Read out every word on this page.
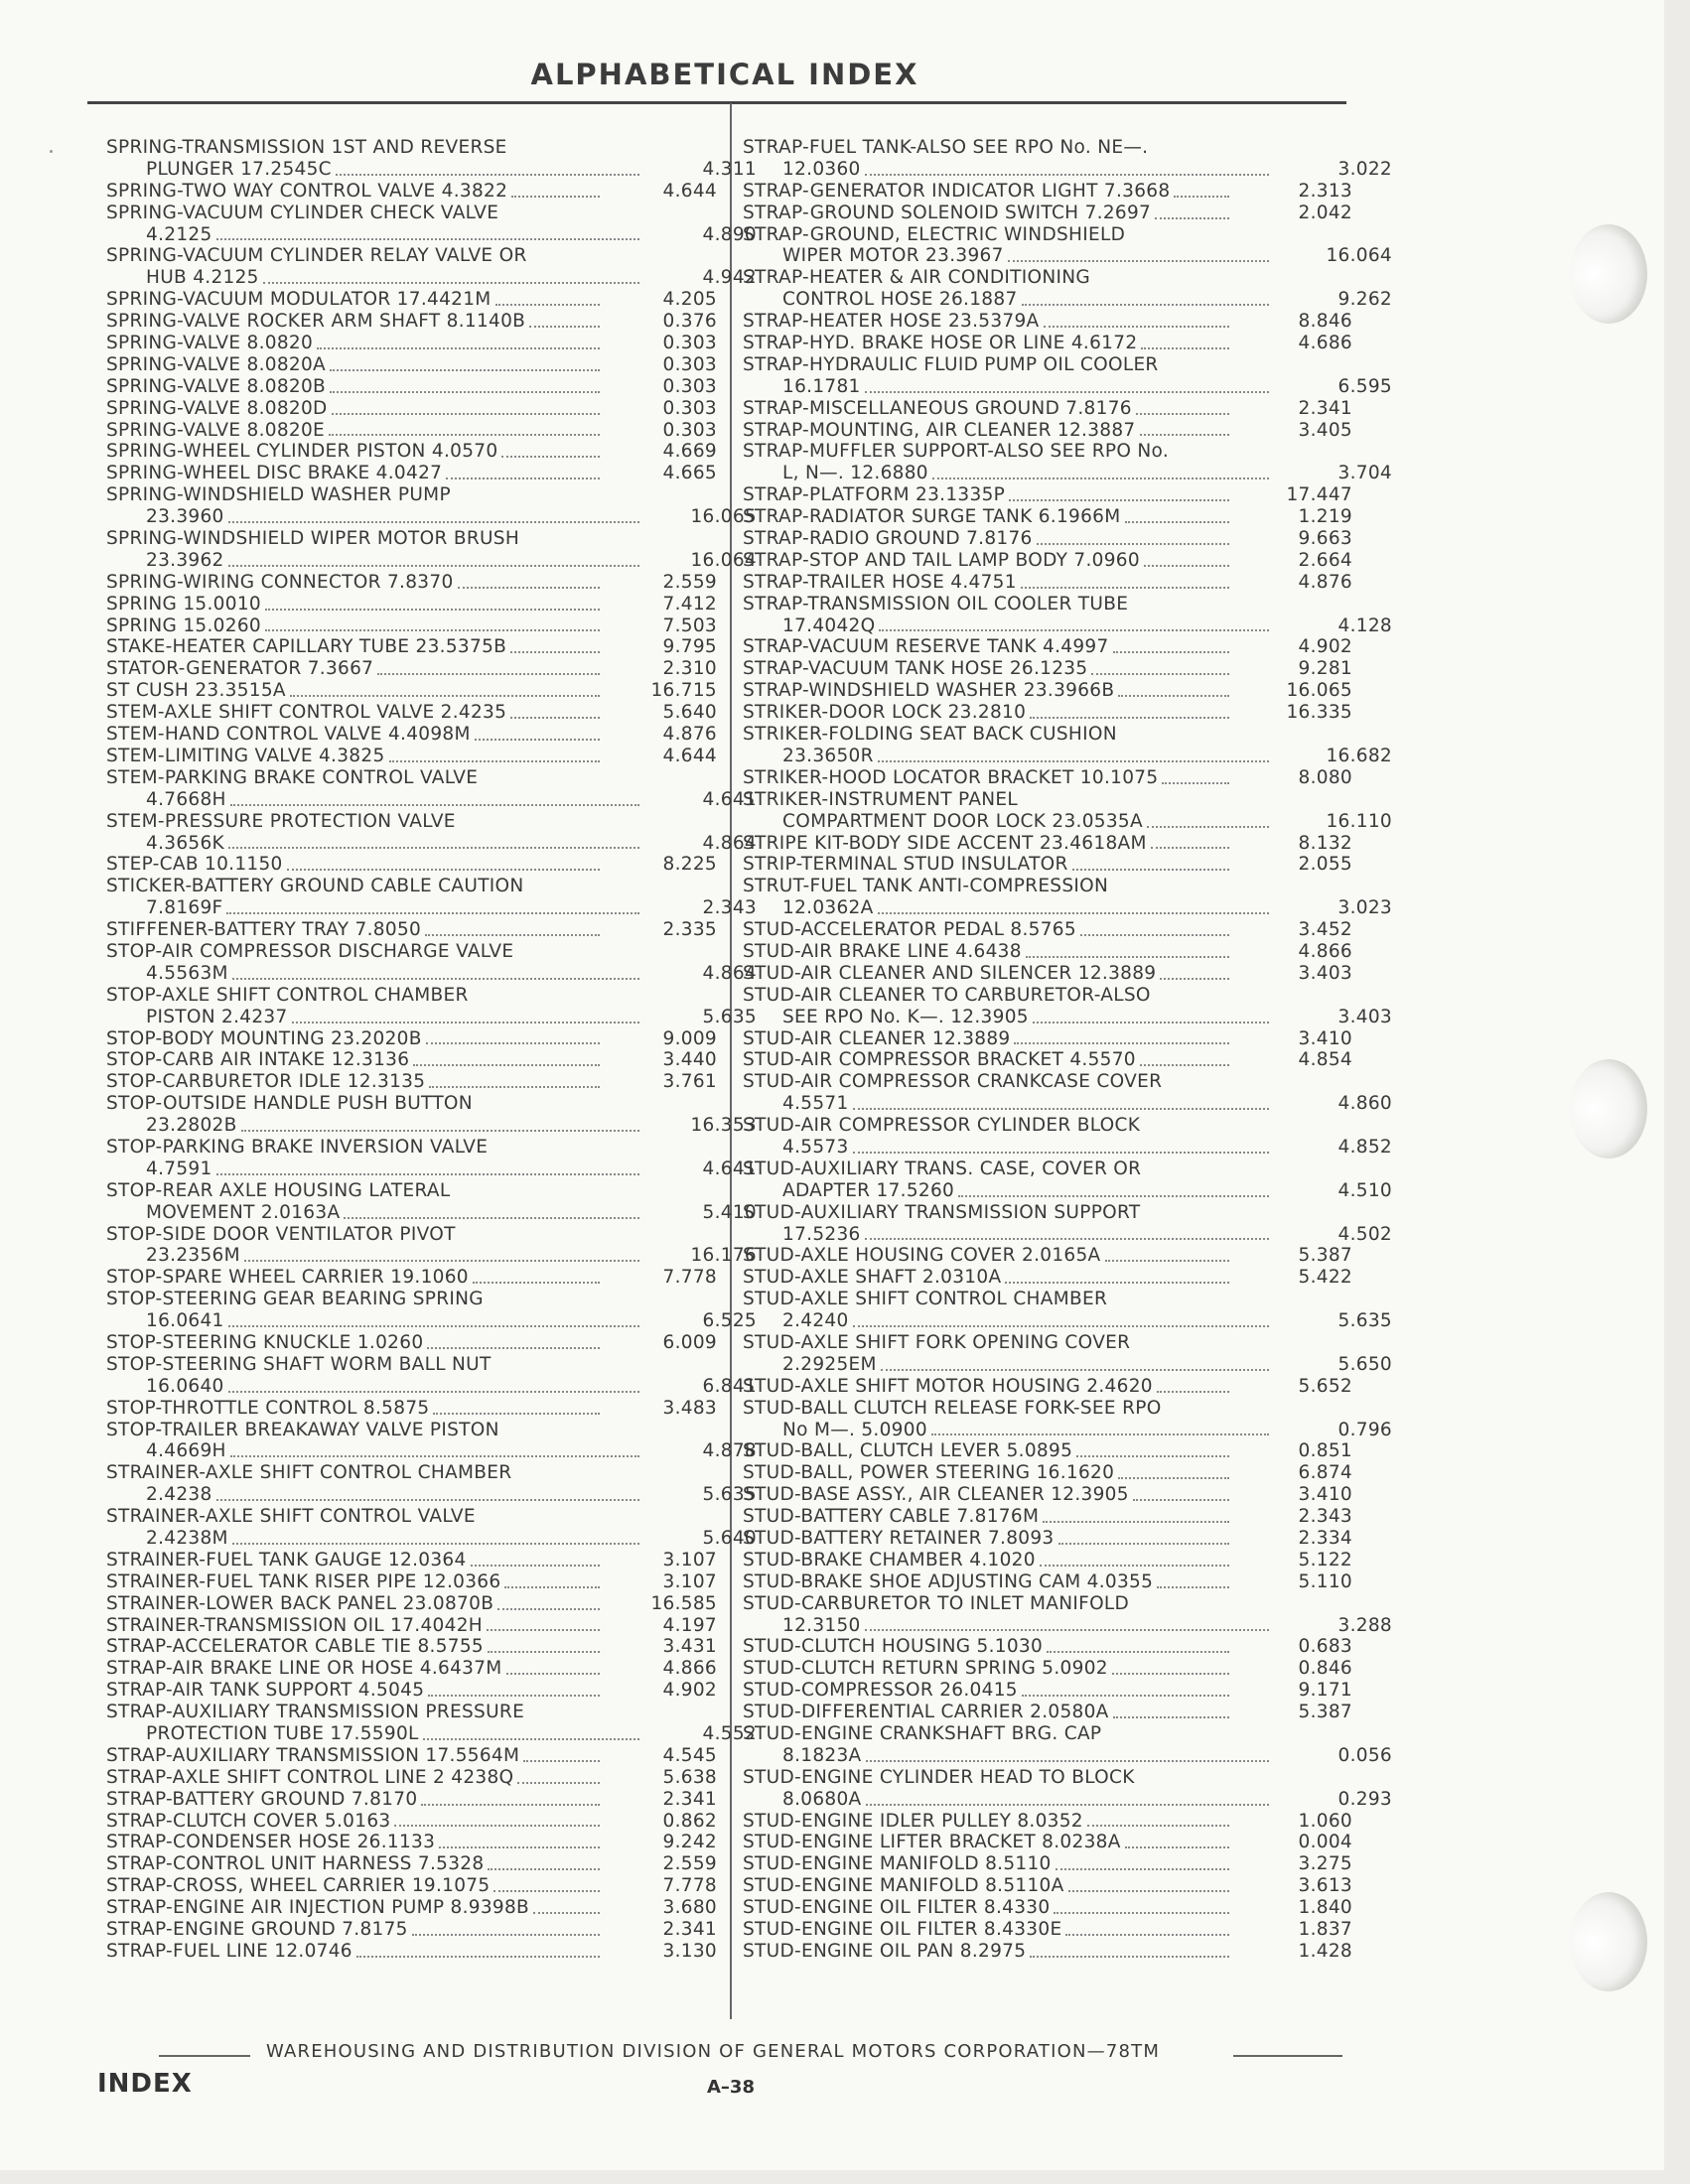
ALPHABETICAL INDEX
SPRING-TRANSMISSION 1ST AND REVERSE
PLUNGER 17.2545C	4.311
SPRING-TWO WAY CONTROL VALVE 4.3822	4.644
SPRING-VACUUM CYLINDER CHECK VALVE
4.2125	4.890
SPRING-VACUUM CYLINDER RELAY VALVE OR
HUB 4.2125	4.942
SPRING-VACUUM MODULATOR 17.4421M	4.205
SPRING-VALVE ROCKER ARM SHAFT 8.1140B	0.376
SPRING-VALVE 8.0820	0.303
SPRING-VALVE 8.0820A	0.303
SPRING-VALVE 8.0820B	0.303
SPRING-VALVE 8.0820D	0.303
SPRING-VALVE 8.0820E	0.303
SPRING-WHEEL CYLINDER PISTON 4.0570	4.669
SPRING-WHEEL DISC BRAKE 4.0427	4.665
SPRING-WINDSHIELD WASHER PUMP
23.3960	16.065
SPRING-WINDSHIELD WIPER MOTOR BRUSH
23.3962	16.064
SPRING-WIRING CONNECTOR 7.8370	2.559
SPRING 15.0010	7.412
SPRING 15.0260	7.503
STAKE-HEATER CAPILLARY TUBE 23.5375B	9.795
STATOR-GENERATOR 7.3667	2.310
ST CUSH 23.3515A	16.715
STEM-AXLE SHIFT CONTROL VALVE 2.4235	5.640
STEM-HAND CONTROL VALVE 4.4098M	4.876
STEM-LIMITING VALVE 4.3825	4.644
STEM-PARKING BRAKE CONTROL VALVE
4.7668H	4.641
STEM-PRESSURE PROTECTION VALVE
4.3656K	4.864
STEP-CAB 10.1150	8.225
STICKER-BATTERY GROUND CABLE CAUTION
7.8169F	2.343
STIFFENER-BATTERY TRAY 7.8050	2.335
STOP-AIR COMPRESSOR DISCHARGE VALVE
4.5563M	4.864
STOP-AXLE SHIFT CONTROL CHAMBER
PISTON 2.4237	5.635
STOP-BODY MOUNTING 23.2020B	9.009
STOP-CARB AIR INTAKE 12.3136	3.440
STOP-CARBURETOR IDLE 12.3135	3.761
STOP-OUTSIDE HANDLE PUSH BUTTON
23.2802B	16.353
STOP-PARKING BRAKE INVERSION VALVE
4.7591	4.641
STOP-REAR AXLE HOUSING LATERAL
MOVEMENT 2.0163A	5.410
STOP-SIDE DOOR VENTILATOR PIVOT
23.2356M	16.176
STOP-SPARE WHEEL CARRIER 19.1060	7.778
STOP-STEERING GEAR BEARING SPRING
16.0641	6.525
STOP-STEERING KNUCKLE 1.0260	6.009
STOP-STEERING SHAFT WORM BALL NUT
16.0640	6.841
STOP-THROTTLE CONTROL 8.5875	3.483
STOP-TRAILER BREAKAWAY VALVE PISTON
4.4669H	4.878
STRAINER-AXLE SHIFT CONTROL CHAMBER
2.4238	5.635
STRAINER-AXLE SHIFT CONTROL VALVE
2.4238M	5.640
STRAINER-FUEL TANK GAUGE 12.0364	3.107
STRAINER-FUEL TANK RISER PIPE 12.0366	3.107
STRAINER-LOWER BACK PANEL 23.0870B	16.585
STRAINER-TRANSMISSION OIL 17.4042H	4.197
STRAP-ACCELERATOR CABLE TIE 8.5755	3.431
STRAP-AIR BRAKE LINE OR HOSE 4.6437M	4.866
STRAP-AIR TANK SUPPORT 4.5045	4.902
STRAP-AUXILIARY TRANSMISSION PRESSURE
PROTECTION TUBE 17.5590L	4.552
STRAP-AUXILIARY TRANSMISSION 17.5564M	4.545
STRAP-AXLE SHIFT CONTROL LINE 2 4238Q	5.638
STRAP-BATTERY GROUND 7.8170	2.341
STRAP-CLUTCH COVER 5.0163	0.862
STRAP-CONDENSER HOSE 26.1133	9.242
STRAP-CONTROL UNIT HARNESS 7.5328	2.559
STRAP-CROSS, WHEEL CARRIER 19.1075	7.778
STRAP-ENGINE AIR INJECTION PUMP 8.9398B	3.680
STRAP-ENGINE GROUND 7.8175	2.341
STRAP-FUEL LINE 12.0746	3.130
STRAP-FUEL TANK-ALSO SEE RPO No. NE—.
12.0360	3.022
STRAP-GENERATOR INDICATOR LIGHT 7.3668	2.313
STRAP-GROUND SOLENOID SWITCH 7.2697	2.042
STRAP-GROUND, ELECTRIC WINDSHIELD
WIPER MOTOR 23.3967	16.064
STRAP-HEATER & AIR CONDITIONING
CONTROL HOSE 26.1887	9.262
STRAP-HEATER HOSE 23.5379A	8.846
STRAP-HYD. BRAKE HOSE OR LINE 4.6172	4.686
STRAP-HYDRAULIC FLUID PUMP OIL COOLER
16.1781	6.595
STRAP-MISCELLANEOUS GROUND 7.8176	2.341
STRAP-MOUNTING, AIR CLEANER 12.3887	3.405
STRAP-MUFFLER SUPPORT-ALSO SEE RPO No.
L, N—. 12.6880	3.704
STRAP-PLATFORM 23.1335P	17.447
STRAP-RADIATOR SURGE TANK 6.1966M	1.219
STRAP-RADIO GROUND 7.8176	9.663
STRAP-STOP AND TAIL LAMP BODY 7.0960	2.664
STRAP-TRAILER HOSE 4.4751	4.876
STRAP-TRANSMISSION OIL COOLER TUBE
17.4042Q	4.128
STRAP-VACUUM RESERVE TANK 4.4997	4.902
STRAP-VACUUM TANK HOSE 26.1235	9.281
STRAP-WINDSHIELD WASHER 23.3966B	16.065
STRIKER-DOOR LOCK 23.2810	16.335
STRIKER-FOLDING SEAT BACK CUSHION
23.3650R	16.682
STRIKER-HOOD LOCATOR BRACKET 10.1075	8.080
STRIKER-INSTRUMENT PANEL
COMPARTMENT DOOR LOCK 23.0535A	16.110
STRIPE KIT-BODY SIDE ACCENT 23.4618AM	8.132
STRIP-TERMINAL STUD INSULATOR	2.055
STRUT-FUEL TANK ANTI-COMPRESSION
12.0362A	3.023
STUD-ACCELERATOR PEDAL 8.5765	3.452
STUD-AIR BRAKE LINE 4.6438	4.866
STUD-AIR CLEANER AND SILENCER 12.3889	3.403
STUD-AIR CLEANER TO CARBURETOR-ALSO
SEE RPO No. K—. 12.3905	3.403
STUD-AIR CLEANER 12.3889	3.410
STUD-AIR COMPRESSOR BRACKET 4.5570	4.854
STUD-AIR COMPRESSOR CRANKCASE COVER
4.5571	4.860
STUD-AIR COMPRESSOR CYLINDER BLOCK
4.5573	4.852
STUD-AUXILIARY TRANS. CASE, COVER OR
ADAPTER 17.5260	4.510
STUD-AUXILIARY TRANSMISSION SUPPORT
17.5236	4.502
STUD-AXLE HOUSING COVER 2.0165A	5.387
STUD-AXLE SHAFT 2.0310A	5.422
STUD-AXLE SHIFT CONTROL CHAMBER
2.4240	5.635
STUD-AXLE SHIFT FORK OPENING COVER
2.2925EM	5.650
STUD-AXLE SHIFT MOTOR HOUSING 2.4620	5.652
STUD-BALL CLUTCH RELEASE FORK-SEE RPO
No M—. 5.0900	0.796
STUD-BALL, CLUTCH LEVER 5.0895	0.851
STUD-BALL, POWER STEERING 16.1620	6.874
STUD-BASE ASSY., AIR CLEANER 12.3905	3.410
STUD-BATTERY CABLE 7.8176M	2.343
STUD-BATTERY RETAINER 7.8093	2.334
STUD-BRAKE CHAMBER 4.1020	5.122
STUD-BRAKE SHOE ADJUSTING CAM 4.0355	5.110
STUD-CARBURETOR TO INLET MANIFOLD
12.3150	3.288
STUD-CLUTCH HOUSING 5.1030	0.683
STUD-CLUTCH RETURN SPRING 5.0902	0.846
STUD-COMPRESSOR 26.0415	9.171
STUD-DIFFERENTIAL CARRIER 2.0580A	5.387
STUD-ENGINE CRANKSHAFT BRG. CAP
8.1823A	0.056
STUD-ENGINE CYLINDER HEAD TO BLOCK
8.0680A	0.293
STUD-ENGINE IDLER PULLEY 8.0352	1.060
STUD-ENGINE LIFTER BRACKET 8.0238A	0.004
STUD-ENGINE MANIFOLD 8.5110	3.275
STUD-ENGINE MANIFOLD 8.5110A	3.613
STUD-ENGINE OIL FILTER 8.4330	1.840
STUD-ENGINE OIL FILTER 8.4330E	1.837
STUD-ENGINE OIL PAN 8.2975	1.428
WAREHOUSING AND DISTRIBUTION DIVISION OF GENERAL MOTORS CORPORATION—78TM
INDEX	A–38
